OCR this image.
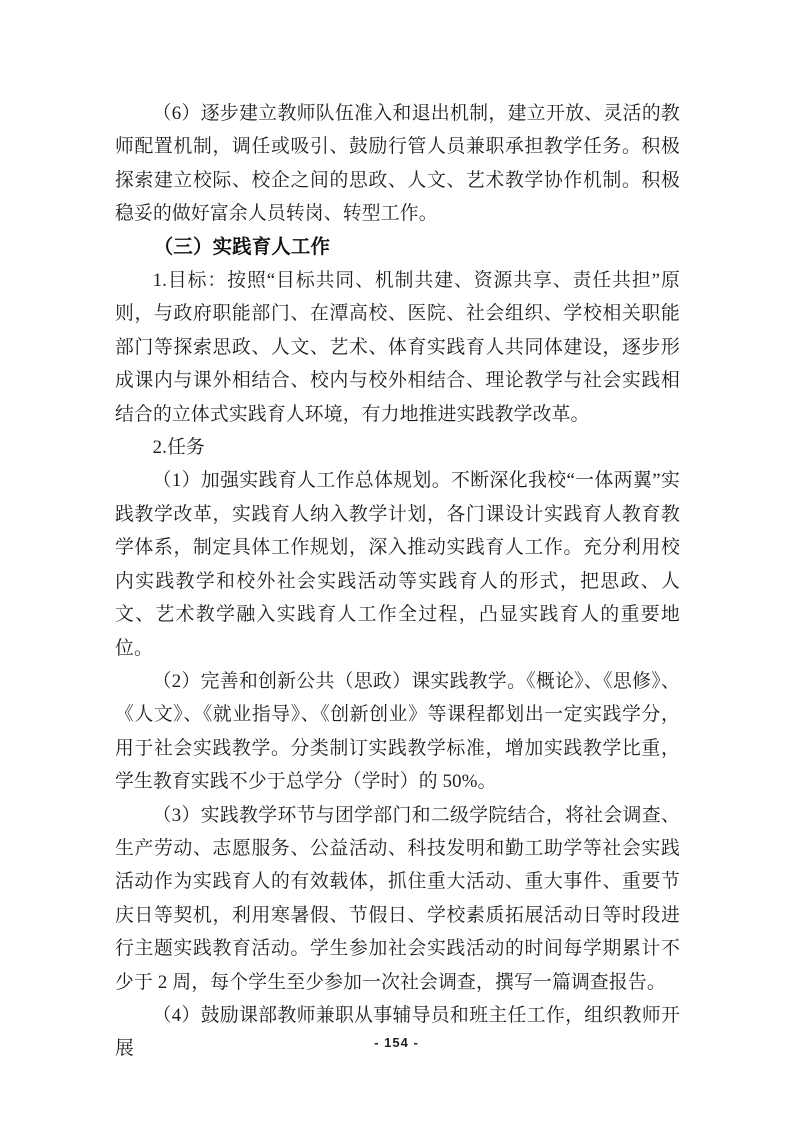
（6）逐步建立教师队伍准入和退出机制，建立开放、灵活的教师配置机制，调任或吸引、鼓励行管人员兼职承担教学任务。积极探索建立校际、校企之间的思政、人文、艺术教学协作机制。积极稳妥的做好富余人员转岗、转型工作。
（三）实践育人工作
1.目标：按照“目标共同、机制共建、资源共享、责任共担”原则，与政府职能部门、在潭高校、医院、社会组织、学校相关职能部门等探索思政、人文、艺术、体育实践育人共同体建设，逐步形成课内与课外相结合、校内与校外相结合、理论教学与社会实践相结合的立体式实践育人环境，有力地推进实践教学改革。
2.任务
（1）加强实践育人工作总体规划。不断深化我校“一体两翼”实践教学改革，实践育人纳入教学计划，各门课设计实践育人教育教学体系，制定具体工作规划，深入推动实践育人工作。充分利用校内实践教学和校外社会实践活动等实践育人的形式，把思政、人文、艺术教学融入实践育人工作全过程，凸显实践育人的重要地位。
（2）完善和创新公共（思政）课实践教学。《概论》、《思修》、《人文》、《就业指导》、《创新创业》等课程都划出一定实践学分，用于社会实践教学。分类制订实践教学标准，增加实践教学比重，学生教育实践不少于总学分（学时）的 50%。
（3）实践教学环节与团学部门和二级学院结合，将社会调查、生产劳动、志愿服务、公益活动、科技发明和勤工助学等社会实践活动作为实践育人的有效载体，抓住重大活动、重大事件、重要节庆日等契机，利用寒暑假、节假日、学校素质拓展活动日等时段进行主题实践教育活动。学生参加社会实践活动的时间每学期累计不少于 2 周，每个学生至少参加一次社会调查，撰写一篇调查报告。
（4）鼓励课部教师兼职从事辅导员和班主任工作，组织教师开展	- 154 -
